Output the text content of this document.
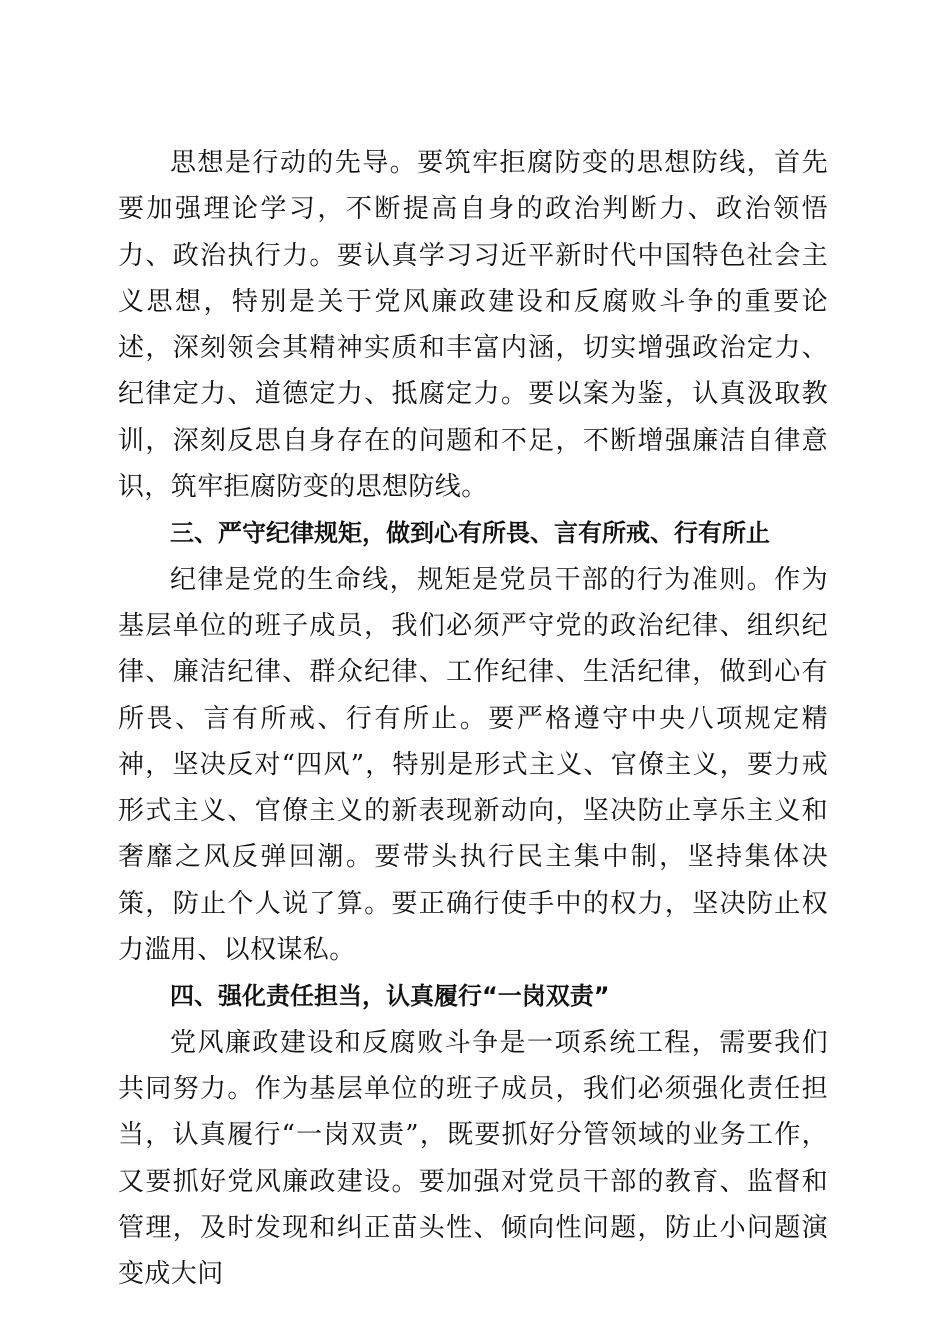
思想是行动的先导。要筑牢拒腐防变的思想防线，首先要加强理论学习，不断提高自身的政治判断力、政治领悟力、政治执行力。要认真学习习近平新时代中国特色社会主义思想，特别是关于党风廉政建设和反腐败斗争的重要论述，深刻领会其精神实质和丰富内涵，切实增强政治定力、纪律定力、道德定力、抵腐定力。要以案为鉴，认真汲取教训，深刻反思自身存在的问题和不足，不断增强廉洁自律意识，筑牢拒腐防变的思想防线。

三、严守纪律规矩，做到心有所畏、言有所戒、行有所止

纪律是党的生命线，规矩是党员干部的行为准则。作为基层单位的班子成员，我们必须严守党的政治纪律、组织纪律、廉洁纪律、群众纪律、工作纪律、生活纪律，做到心有所畏、言有所戒、行有所止。要严格遵守中央八项规定精神，坚决反对“四风”，特别是形式主义、官僚主义，要力戒形式主义、官僚主义的新表现新动向，坚决防止享乐主义和奢靡之风反弹回潮。要带头执行民主集中制，坚持集体决策，防止个人说了算。要正确行使手中的权力，坚决防止权力滥用、以权谋私。

四、强化责任担当，认真履行“一岗双责”

党风廉政建设和反腐败斗争是一项系统工程，需要我们共同努力。作为基层单位的班子成员，我们必须强化责任担当，认真履行“一岗双责”，既要抓好分管领域的业务工作，又要抓好党风廉政建设。要加强对党员干部的教育、监督和管理，及时发现和纠正苗头性、倾向性问题，防止小问题演变成大问
